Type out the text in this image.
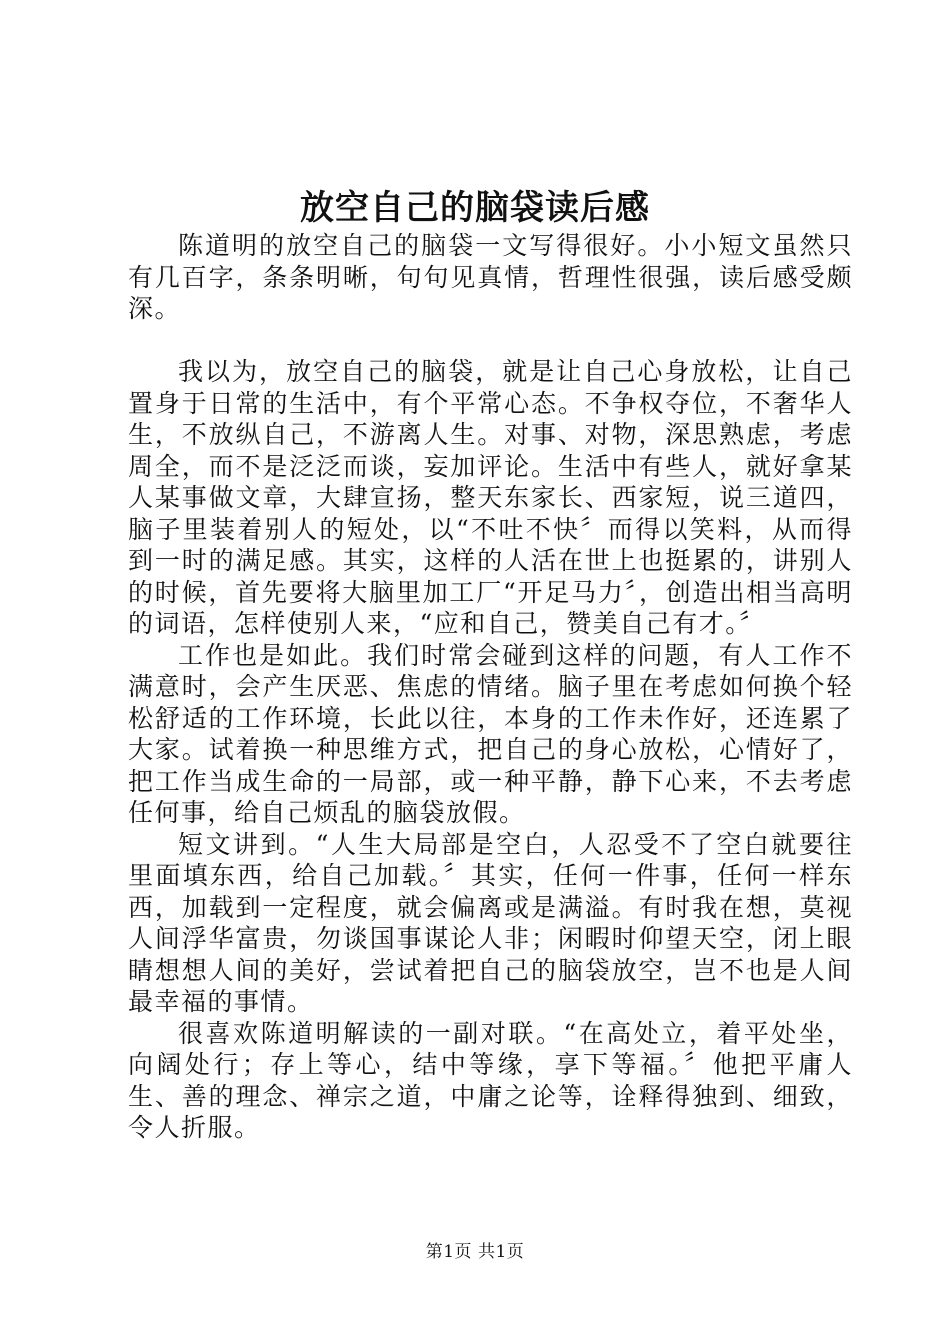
放空自己的脑袋读后感

陈道明的放空自己的脑袋一文写得很好。小小短文虽然只有几百字，条条明晰，句句见真情，哲理性很强，读后感受颇深。

我以为，放空自己的脑袋，就是让自己心身放松，让自己置身于日常的生活中，有个平常心态。不争权夺位，不奢华人生，不放纵自己，不游离人生。对事、对物，深思熟虑，考虑周全，而不是泛泛而谈，妄加评论。生活中有些人，就好拿某人某事做文章，大肆宣扬，整天东家长、西家短，说三道四，脑子里装着别人的短处，以“不吐不快〞而得以笑料，从而得到一时的满足感。其实，这样的人活在世上也挺累的，讲别人的时候，首先要将大脑里加工厂“开足马力〞，创造出相当高明的词语，怎样使别人来，“应和自己，赞美自己有才。〞

工作也是如此。我们时常会碰到这样的问题，有人工作不满意时，会产生厌恶、焦虑的情绪。脑子里在考虑如何换个轻松舒适的工作环境，长此以往，本身的工作未作好，还连累了大家。试着换一种思维方式，把自己的身心放松，心情好了，把工作当成生命的一局部，或一种平静，静下心来，不去考虑任何事，给自己烦乱的脑袋放假。

短文讲到。“人生大局部是空白，人忍受不了空白就要往里面填东西，给自己加载。〞其实，任何一件事，任何一样东西，加载到一定程度，就会偏离或是满溢。有时我在想，莫视人间浮华富贵，勿谈国事谋论人非；闲暇时仰望天空，闭上眼睛想想人间的美好，尝试着把自己的脑袋放空，岂不也是人间最幸福的事情。

很喜欢陈道明解读的一副对联。“在高处立，着平处坐，向阔处行；存上等心，结中等缘，享下等福。〞他把平庸人生、善的理念、禅宗之道，中庸之论等，诠释得独到、细致，令人折服。

第1页 共1页
